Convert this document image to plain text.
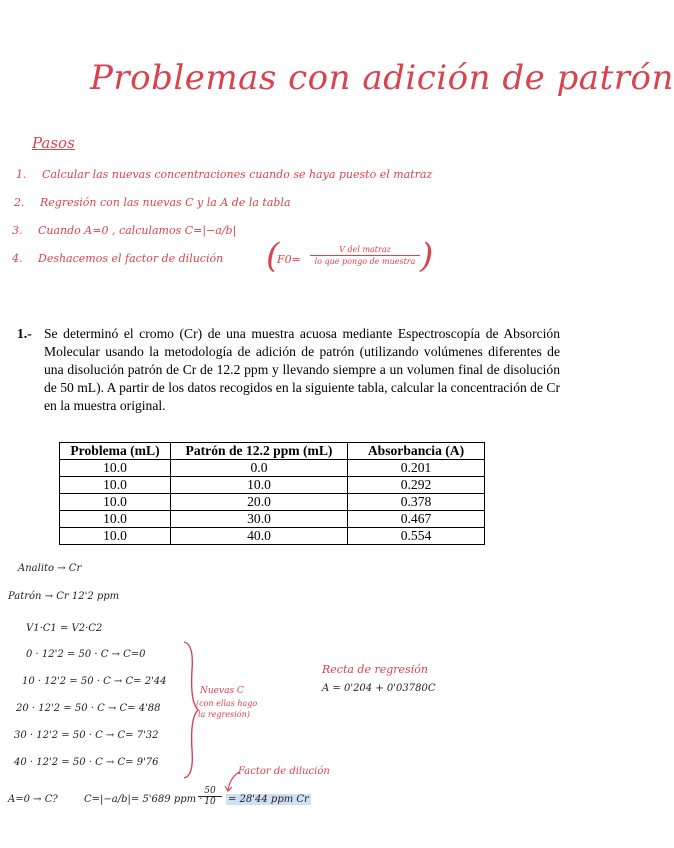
Problemas con adición de patrón
Pasos
1. Calcular las nuevas concentraciones cuando se haya puesto el matraz
2. Regresión con las nuevas C y la A de la tabla
3. Cuando A=0 , calculamos C=|−a/b|
4. Deshacemos el factor de dilución (
F0=
V del matraz
lo que pongo de muestra )
1.- Se determinó el cromo (Cr) de una muestra acuosa mediante Espectroscopía de Absorción Molecular usando la metodología de adición de patrón (utilizando volúmenes diferentes de una disolución patrón de Cr de 12.2 ppm y llevando siempre a un volumen final de disolución de 50 mL). A partir de los datos recogidos en la siguiente tabla, calcular la concentración de Cr en la muestra original.
Problema (mL)	Patrón de 12.2 ppm (mL)	Absorbancia (A)
10.0	0.0	0.201
10.0	10.0	0.292
10.0	20.0	0.378
10.0	30.0	0.467
10.0	40.0	0.554
Analito → Cr
Patrón → Cr 12'2 ppm
V1·C1 = V2·C2
0 · 12'2 = 50 · C → C=0
10 · 12'2 = 50 · C → C= 2'44
20 · 12'2 = 50 · C → C= 4'88
30 · 12'2 = 50 · C → C= 7'32
40 · 12'2 = 50 · C → C= 9'76
Nuevas C
(con ellas hago
la regresión)
Recta de regresión
A = 0'204 + 0'03780C
Factor de dilución
A=0 → C?	C=|−a/b|= 5'689 ppm ·
$\frac{50}{10} = 28'44$ ppm Cr
